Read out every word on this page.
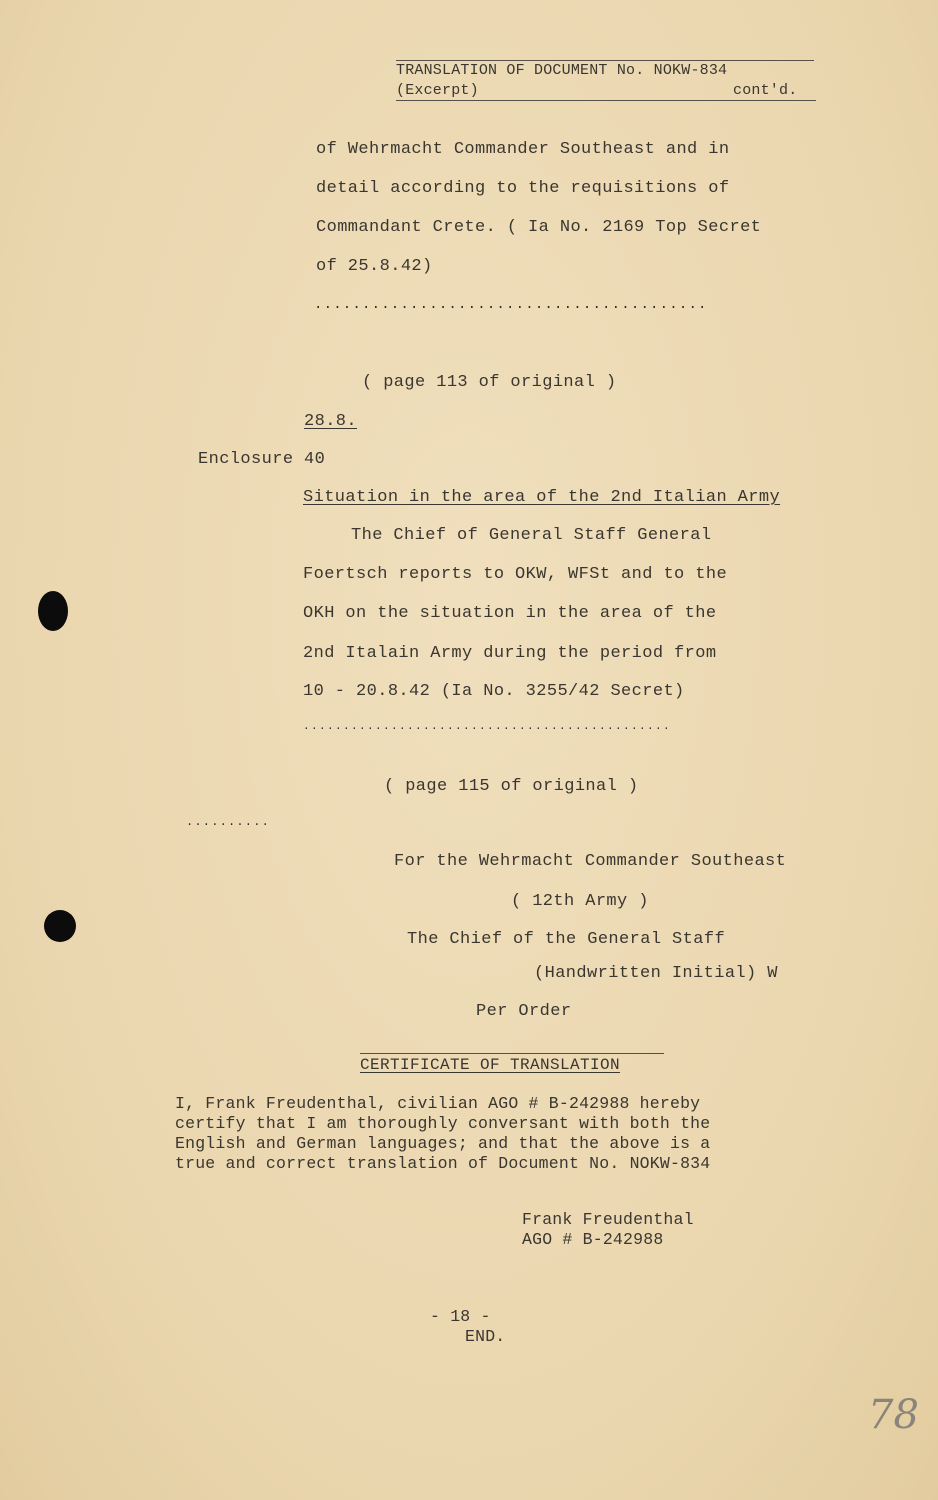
TRANSLATION OF DOCUMENT No. NOKW-834
(Excerpt)	cont'd.
of Wehrmacht Commander Southeast and in
detail according to the requisitions of
Commandant Crete. ( Ia No. 2169 Top Secret
of 25.8.42)
.........................................
( page 113 of original )
28.8.
Enclosure 40
Situation in the area of the 2nd Italian Army
The Chief of General Staff General
Foertsch reports to OKW, WFSt and to the
OKH on the situation in the area of the
2nd Italain Army during the period from
10 - 20.8.42 (Ia No. 3255/42 Secret)
..............................................
( page 115 of original )
..........
For the Wehrmacht Commander Southeast
( 12th Army )
The Chief of the General Staff
(Handwritten Initial) W
Per Order
CERTIFICATE OF TRANSLATION
I, Frank Freudenthal, civilian AGO # B-242988 hereby
certify that I am thoroughly conversant with both the
English and German languages; and that the above is a
true and correct translation of Document No. NOKW-834
Frank Freudenthal
AGO # B-242988
- 18 -
END.
78
